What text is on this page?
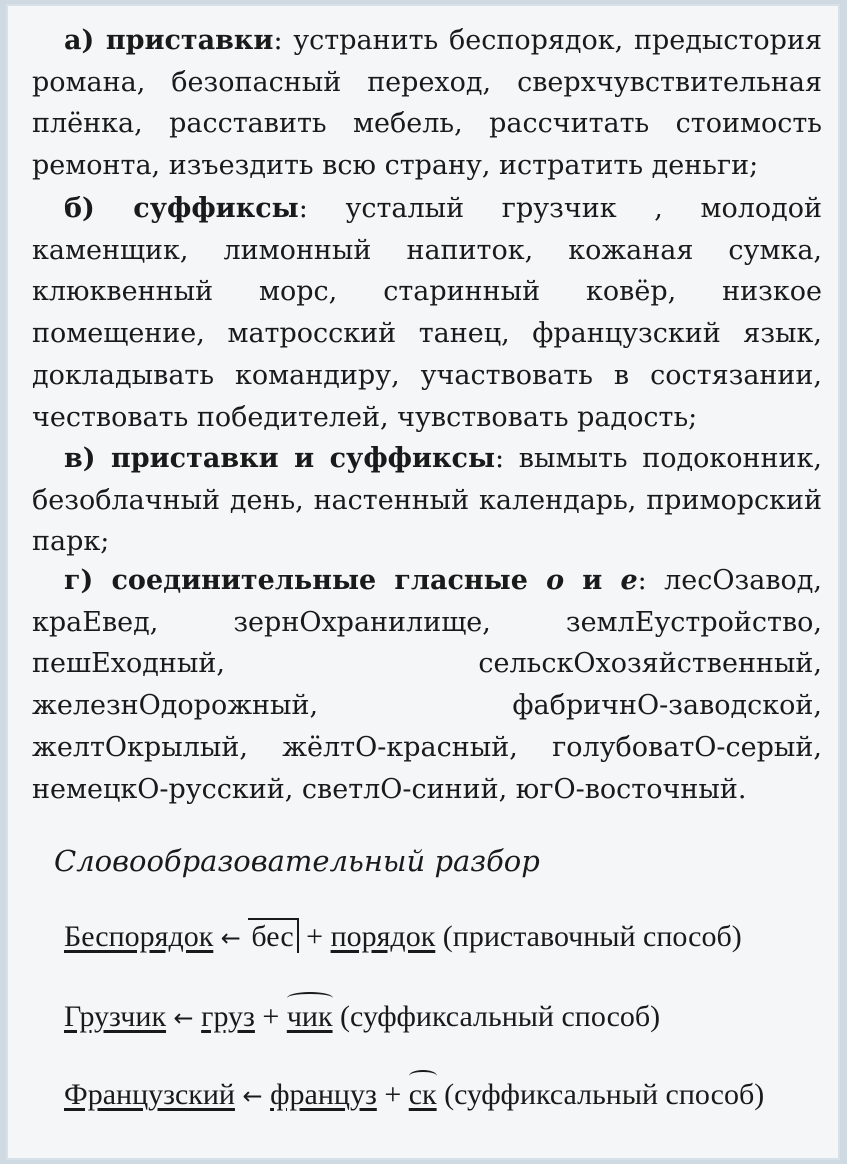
а) приставки: устранить беспорядок, предыстория романа, безопасный переход, сверхчувствительная плёнка, расставить мебель, рассчитать стоимость ремонта, изъездить всю страну, истратить деньги;
б) суффиксы: усталый грузчик , молодой каменщик, лимонный напиток, кожаная сумка, клюквенный морс, старинный ковёр, низкое помещение, матросский танец, французский язык, докладывать командиру, участвовать в состязании, чествовать победителей, чувствовать радость;
в) приставки и суффиксы: вымыть подоконник, безоблачный день, настенный календарь, приморский парк;
г) соединительные гласные о и е: лесОзавод, краЕвед, зернОхранилище, землЕустройство, пешЕходный, сельскОхозяйственный, железнОдорожный, фабричнО-заводской, желтОкрылый, жёлтО-красный, голубоватО-серый, немецкО-русский, светлО-синий, югО-восточный.
Словообразовательный разбор
Беспорядок ← бес + порядок (приставочный способ)
Грузчик ← груз + чик (суффиксальный способ)
Французский ← француз + ск (суффиксальный способ)
